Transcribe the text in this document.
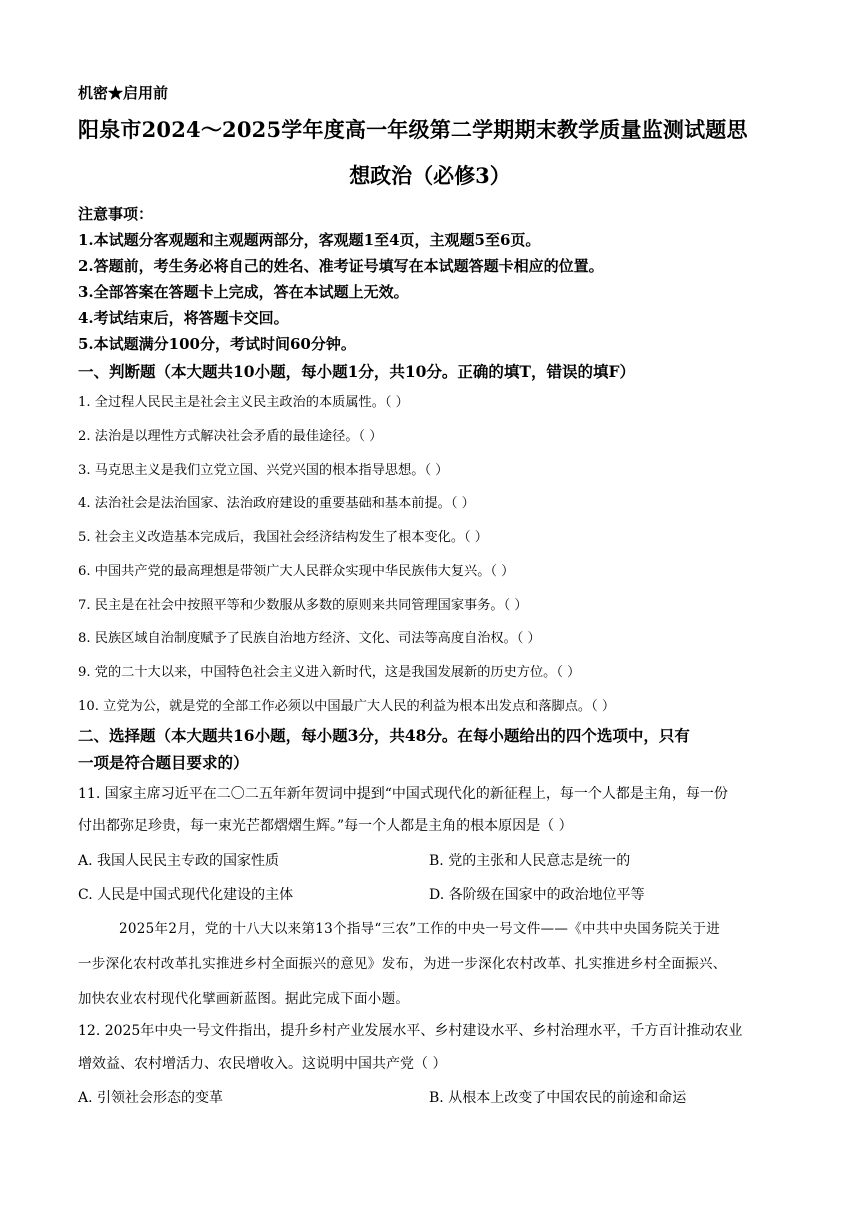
机密★启用前
阳泉市2024～2025学年度高一年级第二学期期末教学质量监测试题思
想政治（必修3）
注意事项：
1.本试题分客观题和主观题两部分，客观题1至4页，主观题5至6页。
2.答题前，考生务必将自己的姓名、准考证号填写在本试题答题卡相应的位置。
3.全部答案在答题卡上完成，答在本试题上无效。
4.考试结束后，将答题卡交回。
5.本试题满分100分，考试时间60分钟。
一、判断题（本大题共10小题，每小题1分，共10分。正确的填T，错误的填F）
1. 全过程人民民主是社会主义民主政治的本质属性。（ ）
2. 法治是以理性方式解决社会矛盾的最佳途径。（ ）
3. 马克思主义是我们立党立国、兴党兴国的根本指导思想。（ ）
4. 法治社会是法治国家、法治政府建设的重要基础和基本前提。（ ）
5. 社会主义改造基本完成后，我国社会经济结构发生了根本变化。（ ）
6. 中国共产党的最高理想是带领广大人民群众实现中华民族伟大复兴。（ ）
7. 民主是在社会中按照平等和少数服从多数的原则来共同管理国家事务。（ ）
8. 民族区域自治制度赋予了民族自治地方经济、文化、司法等高度自治权。（ ）
9. 党的二十大以来，中国特色社会主义进入新时代，这是我国发展新的历史方位。（ ）
10. 立党为公，就是党的全部工作必须以中国最广大人民的利益为根本出发点和落脚点。（ ）
二、选择题（本大题共16小题，每小题3分，共48分。在每小题给出的四个选项中，只有
一项是符合题目要求的）
11. 国家主席习近平在二〇二五年新年贺词中提到“中国式现代化的新征程上，每一个人都是主角，每一份
付出都弥足珍贵，每一束光芒都熠熠生辉。”每一个人都是主角的根本原因是（ ）
A. 我国人民民主专政的国家性质	B. 党的主张和人民意志是统一的
C. 人民是中国式现代化建设的主体	D. 各阶级在国家中的政治地位平等
2025年2月，党的十八大以来第13个指导“三农”工作的中央一号文件——《中共中央国务院关于进
一步深化农村改革扎实推进乡村全面振兴的意见》发布，为进一步深化农村改革、扎实推进乡村全面振兴、
加快农业农村现代化擘画新蓝图。据此完成下面小题。
12. 2025年中央一号文件指出，提升乡村产业发展水平、乡村建设水平、乡村治理水平，千方百计推动农业
增效益、农村增活力、农民增收入。这说明中国共产党（ ）
A. 引领社会形态的变革	B. 从根本上改变了中国农民的前途和命运
